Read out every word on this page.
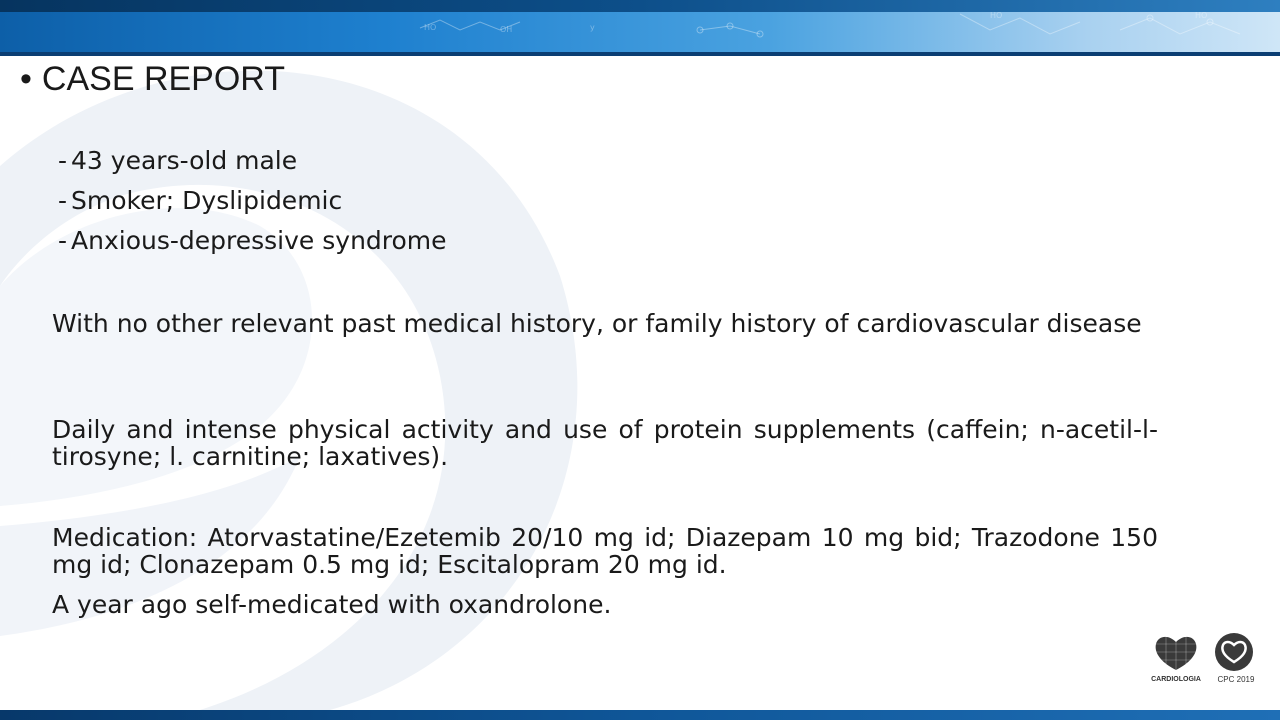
HO	OH	y
HO	HO
• CASE REPORT
- 43 years-old male
- Smoker; Dyslipidemic
- Anxious-depressive syndrome

With no other relevant past medical history, or family history of cardiovascular disease

Daily and intense physical activity and use of protein supplements (caffein; n-acetil-l-tirosyne; l. carnitine; laxatives).

Medication: Atorvastatine/Ezetemib 20/10 mg id; Diazepam 10 mg bid; Trazodone 150 mg id; Clonazepam 0.5 mg id; Escitalopram 20 mg id.

A year ago self-medicated with oxandrolone.

CARDIOLOGIA	CPC 2019
